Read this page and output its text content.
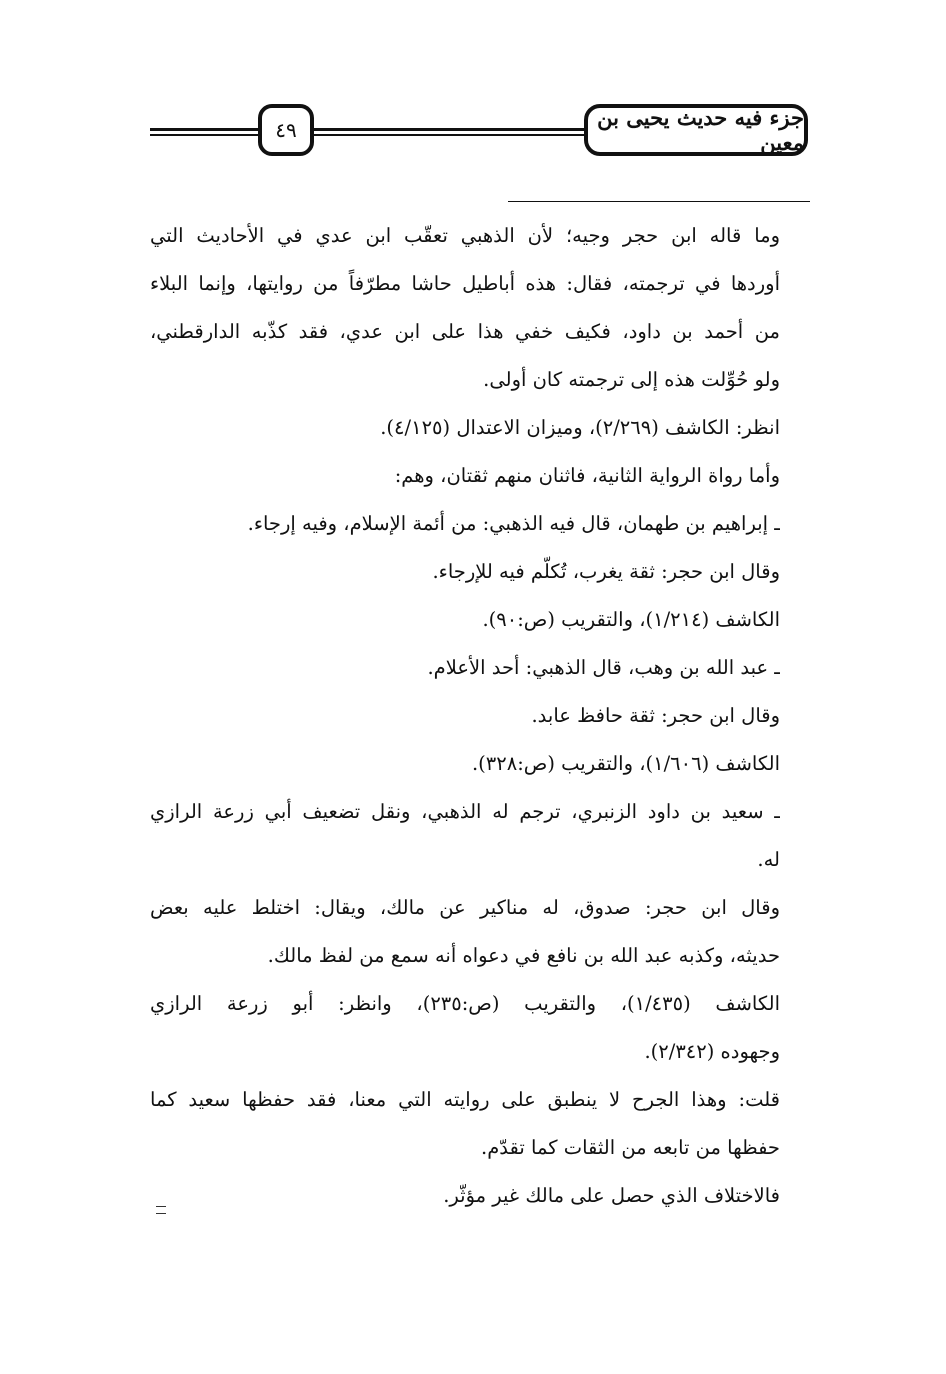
٤٩	جزء فيه حديث يحيى بن معين
وما قاله ابن حجر وجيه؛ لأن الذهبي تعقّب ابن عدي في الأحاديث التي
أوردها في ترجمته، فقال: هذه أباطيل حاشا مطرّفاً من روايتها، وإنما البلاء
من أحمد بن داود، فكيف خفي هذا على ابن عدي، فقد كذّبه الدارقطني،
ولو حُوِّلت هذه إلى ترجمته كان أولى.
انظر: الكاشف (٢/٢٦٩)، وميزان الاعتدال (٤/١٢٥).
وأما رواة الرواية الثانية، فاثنان منهم ثقتان، وهم:
ـ إبراهيم بن طهمان، قال فيه الذهبي: من أئمة الإسلام، وفيه إرجاء.
وقال ابن حجر: ثقة يغرب، تُكلّم فيه للإرجاء.
الكاشف (١/٢١٤)، والتقريب (ص:٩٠).
ـ عبد الله بن وهب، قال الذهبي: أحد الأعلام.
وقال ابن حجر: ثقة حافظ عابد.
الكاشف (١/٦٠٦)، والتقريب (ص:٣٢٨).
ـ سعيد بن داود الزنبري، ترجم له الذهبي، ونقل تضعيف أبي زرعة الرازي
له.
وقال ابن حجر: صدوق، له مناكير عن مالك، ويقال: اختلط عليه بعض
حديثه، وكذبه عبد الله بن نافع في دعواه أنه سمع من لفظ مالك.
الكاشف (١/٤٣٥)، والتقريب (ص:٢٣٥)، وانظر: أبو زرعة الرازي
وجهوده (٢/٣٤٢).
قلت: وهذا الجرح لا ينطبق على روايته التي معنا، فقد حفظها سعيد كما
حفظها من تابعه من الثقات كما تقدّم.
فالاختلاف الذي حصل على مالك غير مؤثّر.
